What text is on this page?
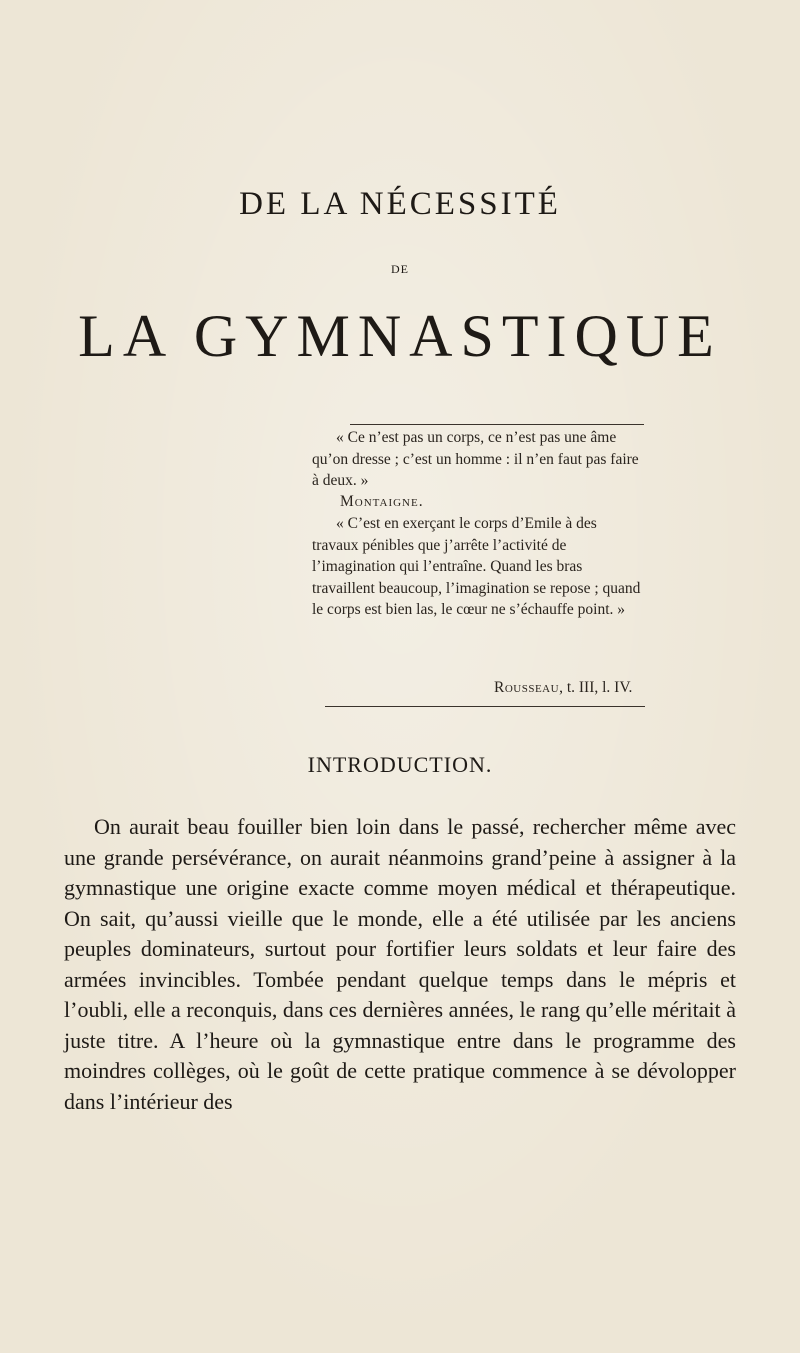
DE LA NÉCESSITÉ
DE
LA GYMNASTIQUE
« Ce n’est pas un corps, ce n’est pas une âme qu’on dresse ; c’est un homme : il n’en faut pas faire à deux. »
Montaigne.
« C’est en exerçant le corps d’Emile à des travaux pénibles que j’arrête l’activité de l’imagination qui l’entraîne. Quand les bras travaillent beaucoup, l’imagination se repose ; quand le corps est bien las, le cœur ne s’échauffe point. »
Rousseau, t. III, l. IV.
INTRODUCTION.
On aurait beau fouiller bien loin dans le passé, rechercher même avec une grande persévérance, on aurait néanmoins grand’peine à assigner à la gymnastique une origine exacte comme moyen médical et thérapeutique. On sait, qu’aussi vieille que le monde, elle a été utilisée par les anciens peuples dominateurs, surtout pour fortifier leurs soldats et leur faire des armées invincibles. Tombée pendant quelque temps dans le mépris et l’oubli, elle a reconquis, dans ces dernières années, le rang qu’elle méritait à juste titre. A l’heure où la gymnastique entre dans le programme des moindres collèges, où le goût de cette pratique commence à se dévolopper dans l’intérieur des
